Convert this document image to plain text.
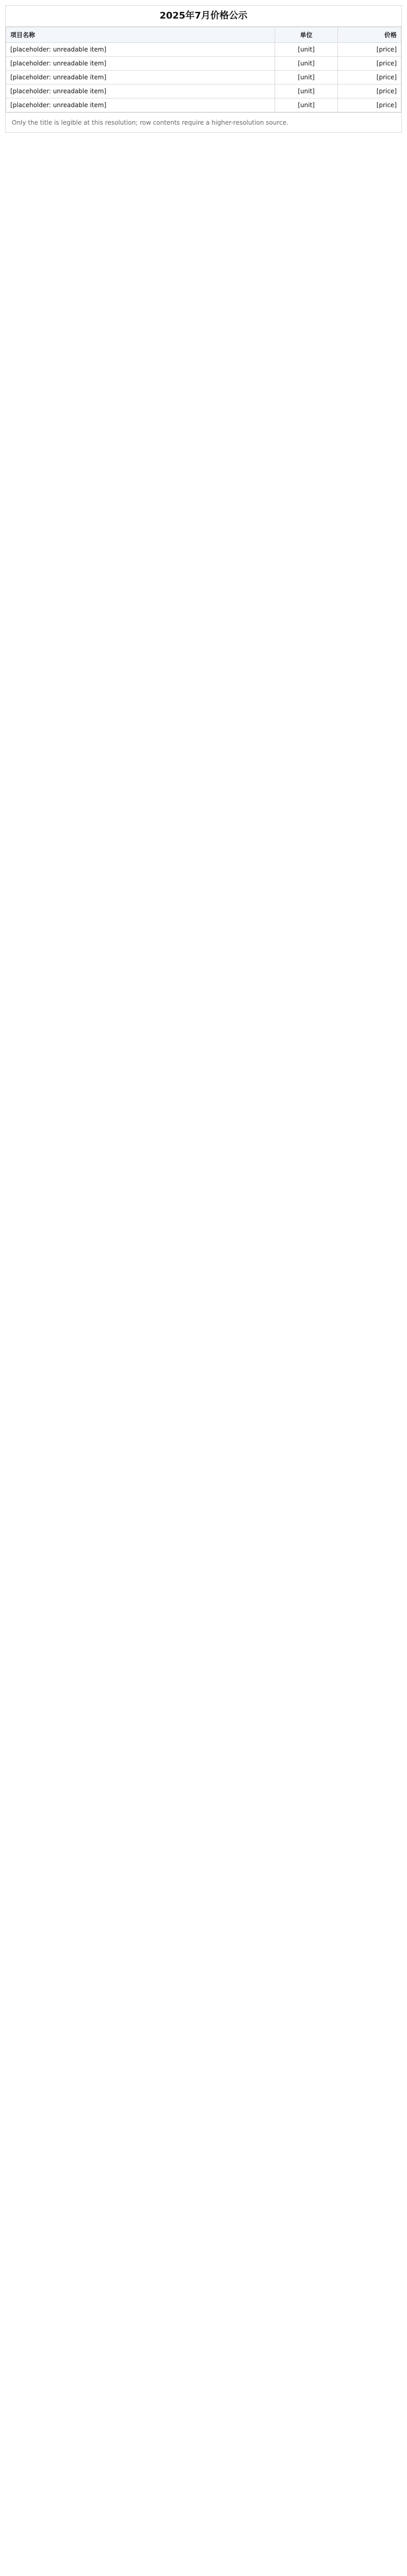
2025年7月价格公示
项目名称	单位	价格
[placeholder: unreadable item]	[unit]	[price]
[placeholder: unreadable item]	[unit]	[price]
[placeholder: unreadable item]	[unit]	[price]
[placeholder: unreadable item]	[unit]	[price]
[placeholder: unreadable item]	[unit]	[price]
Only the title is legible at this resolution; row contents require a higher-resolution source.
